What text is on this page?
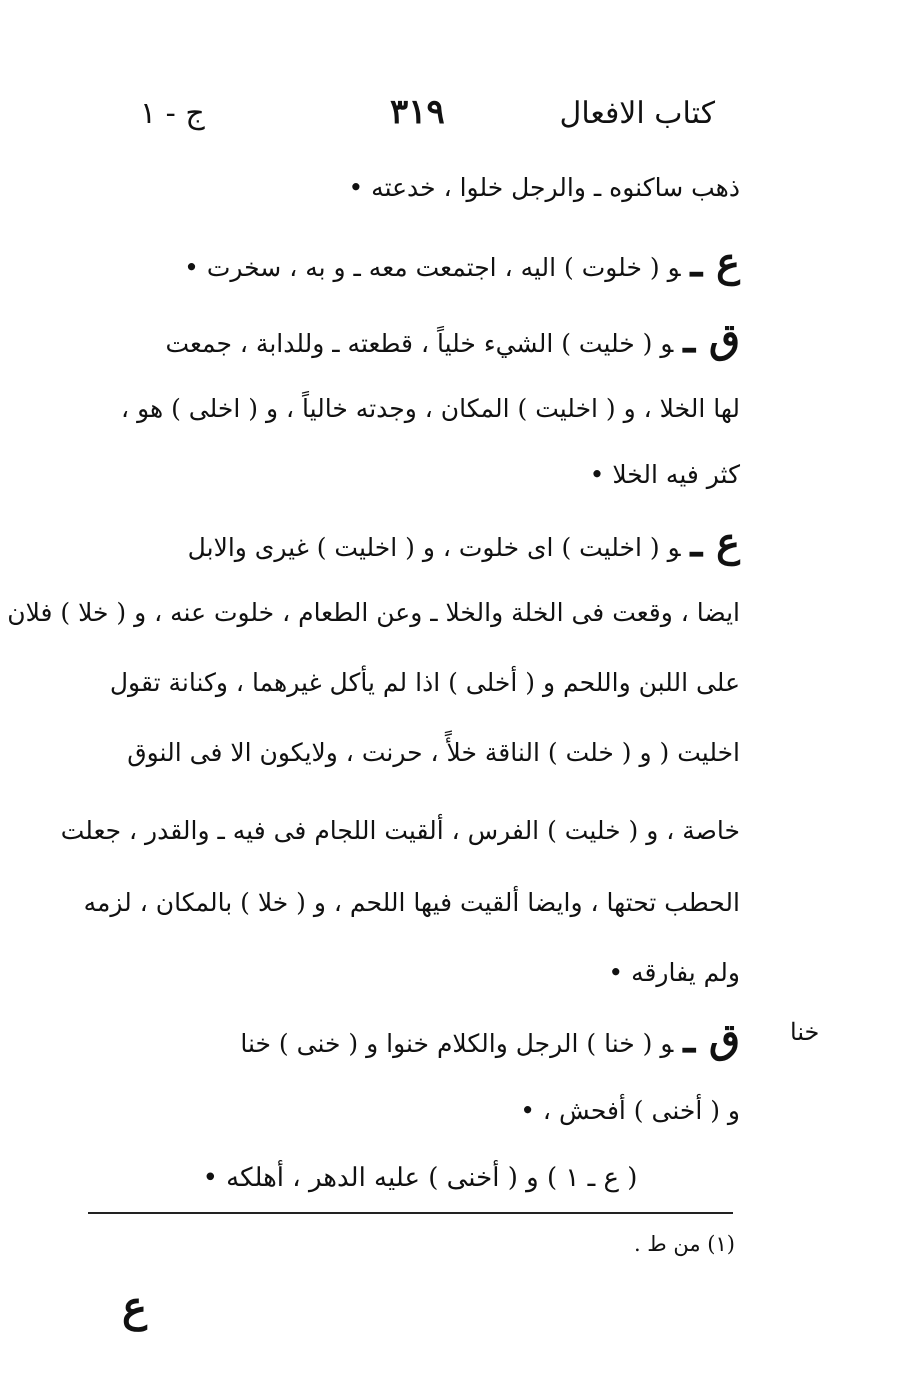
كتاب الافعال
٣١٩
ج - ١
ذهب ساكنوه ـ والرجل خلوا ، خدعته •
ع ـو ( خلوت ) اليه ، اجتمعت معه ـ و به ، سخرت •
ق ـو ( خليت ) الشيء خلياً ، قطعته ـ وللدابة ، جمعت
لها الخلا ، و ( اخليت ) المكان ، وجدته خالياً ، و ( اخلى ) هو ،
كثر فيه الخلا •
ع ـو ( اخليت ) اى خلوت ، و ( اخليت ) غيرى والابل
ايضا ، وقعت فى الخلة والخلا ـ وعن الطعام ، خلوت عنه ، و ( خلا ) فلان
على اللبن واللحم و ( أخلى ) اذا لم يأكل غيرهما ، وكنانة تقول
اخليت ( و ( خلت ) الناقة خلأً ، حرنت ، ولايكون الا فى النوق
خاصة ، و ( خليت ) الفرس ، ألقيت اللجام فى فيه ـ والقدر ، جعلت
الحطب تحتها ، وايضا ألقيت فيها اللحم ، و ( خلا ) بالمكان ، لزمه
ولم يفارقه •
ق ـو ( خنا ) الرجل والكلام خنوا و ( خنى ) خنا	خنا
و ( أخنى ) أفحش ، •
( ع ـ ١ ) و ( أخنى ) عليه الدهر ، أهلكه •
(١) من ط .
ع
